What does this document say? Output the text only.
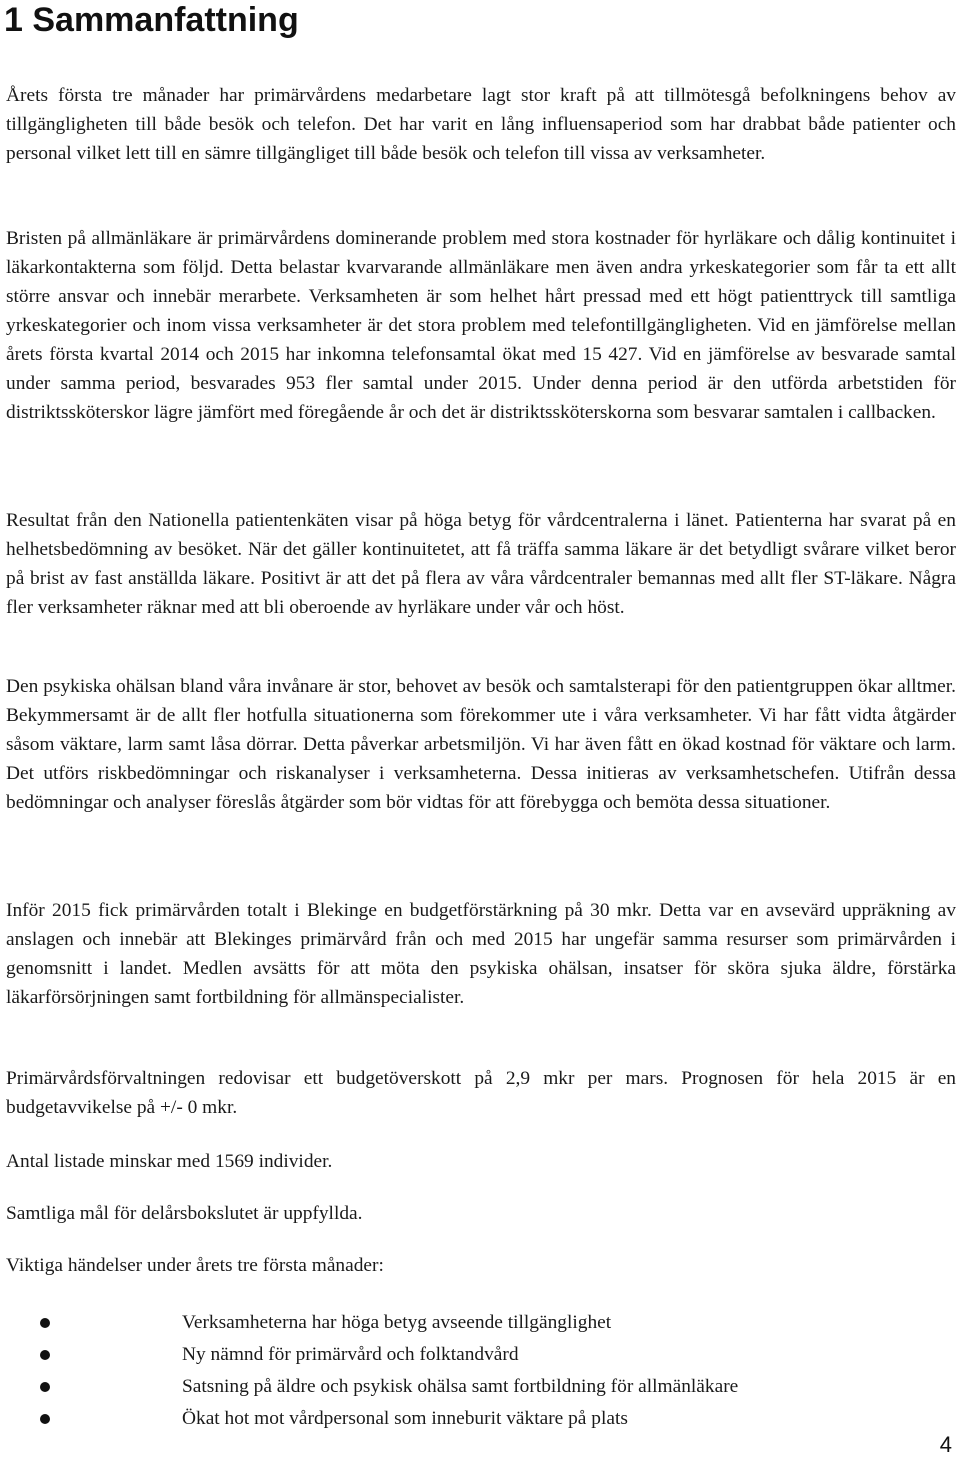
1 Sammanfattning

Årets första tre månader har primärvårdens medarbetare lagt stor kraft på att tillmötesgå befolkningens behov av tillgängligheten till både besök och telefon. Det har varit en lång influensaperiod som har drabbat både patienter och personal vilket lett till en sämre tillgängliget till både besök och telefon till vissa av verksamheter.

Bristen på allmänläkare är primärvårdens dominerande problem med stora kostnader för hyrläkare och dålig kontinuitet i läkarkontakterna som följd. Detta belastar kvarvarande allmänläkare men även andra yrkeskategorier som får ta ett allt större ansvar och innebär merarbete. Verksamheten är som helhet hårt pressad med ett högt patienttryck till samtliga yrkeskategorier och inom vissa verksamheter är det stora problem med telefontillgängligheten. Vid en jämförelse mellan årets första kvartal 2014 och 2015 har inkomna telefonsamtal ökat med 15 427. Vid en jämförelse av besvarade samtal under samma period, besvarades 953 fler samtal under 2015. Under denna period är den utförda arbetstiden för distriktssköterskor lägre jämfört med föregående år och det är distriktssköterskorna som besvarar samtalen i callbacken.

Resultat från den Nationella patientenkäten visar på höga betyg för vårdcentralerna i länet. Patienterna har svarat på en helhetsbedömning av besöket. När det gäller kontinuitetet, att få träffa samma läkare är det betydligt svårare vilket beror på brist av fast anställda läkare. Positivt är att det på flera av våra vårdcentraler bemannas med allt fler ST-läkare. Några fler verksamheter räknar med att bli oberoende av hyrläkare under vår och höst.

Den psykiska ohälsan bland våra invånare är stor, behovet av besök och samtalsterapi för den patientgruppen ökar alltmer. Bekymmersamt är de allt fler hotfulla situationerna som förekommer ute i våra verksamheter. Vi har fått vidta åtgärder såsom väktare, larm samt låsa dörrar. Detta påverkar arbetsmiljön. Vi har även fått en ökad kostnad för väktare och larm. Det utförs riskbedömningar och riskanalyser i verksamheterna. Dessa initieras av verksamhetschefen. Utifrån dessa bedömningar och analyser föreslås åtgärder som bör vidtas för att förebygga och bemöta dessa situationer.

Inför 2015 fick primärvården totalt i Blekinge en budgetförstärkning på 30 mkr. Detta var en avsevärd uppräkning av anslagen och innebär att Blekinges primärvård från och med 2015 har ungefär samma resurser som primärvården i genomsnitt i landet. Medlen avsätts för att möta den psykiska ohälsan, insatser för sköra sjuka äldre, förstärka läkarförsörjningen samt fortbildning för allmänspecialister.

Primärvårdsförvaltningen redovisar ett budgetöverskott på 2,9 mkr per mars. Prognosen för hela 2015 är en budgetavvikelse på +/- 0 mkr.

Antal listade minskar med 1569 individer.

Samtliga mål för delårsbokslutet är uppfyllda.

Viktiga händelser under årets tre första månader:

Verksamheterna har höga betyg avseende tillgänglighet
Ny nämnd för primärvård och folktandvård
Satsning på äldre och psykisk ohälsa samt fortbildning för allmänläkare
Ökat hot mot vårdpersonal som inneburit väktare på plats
4
